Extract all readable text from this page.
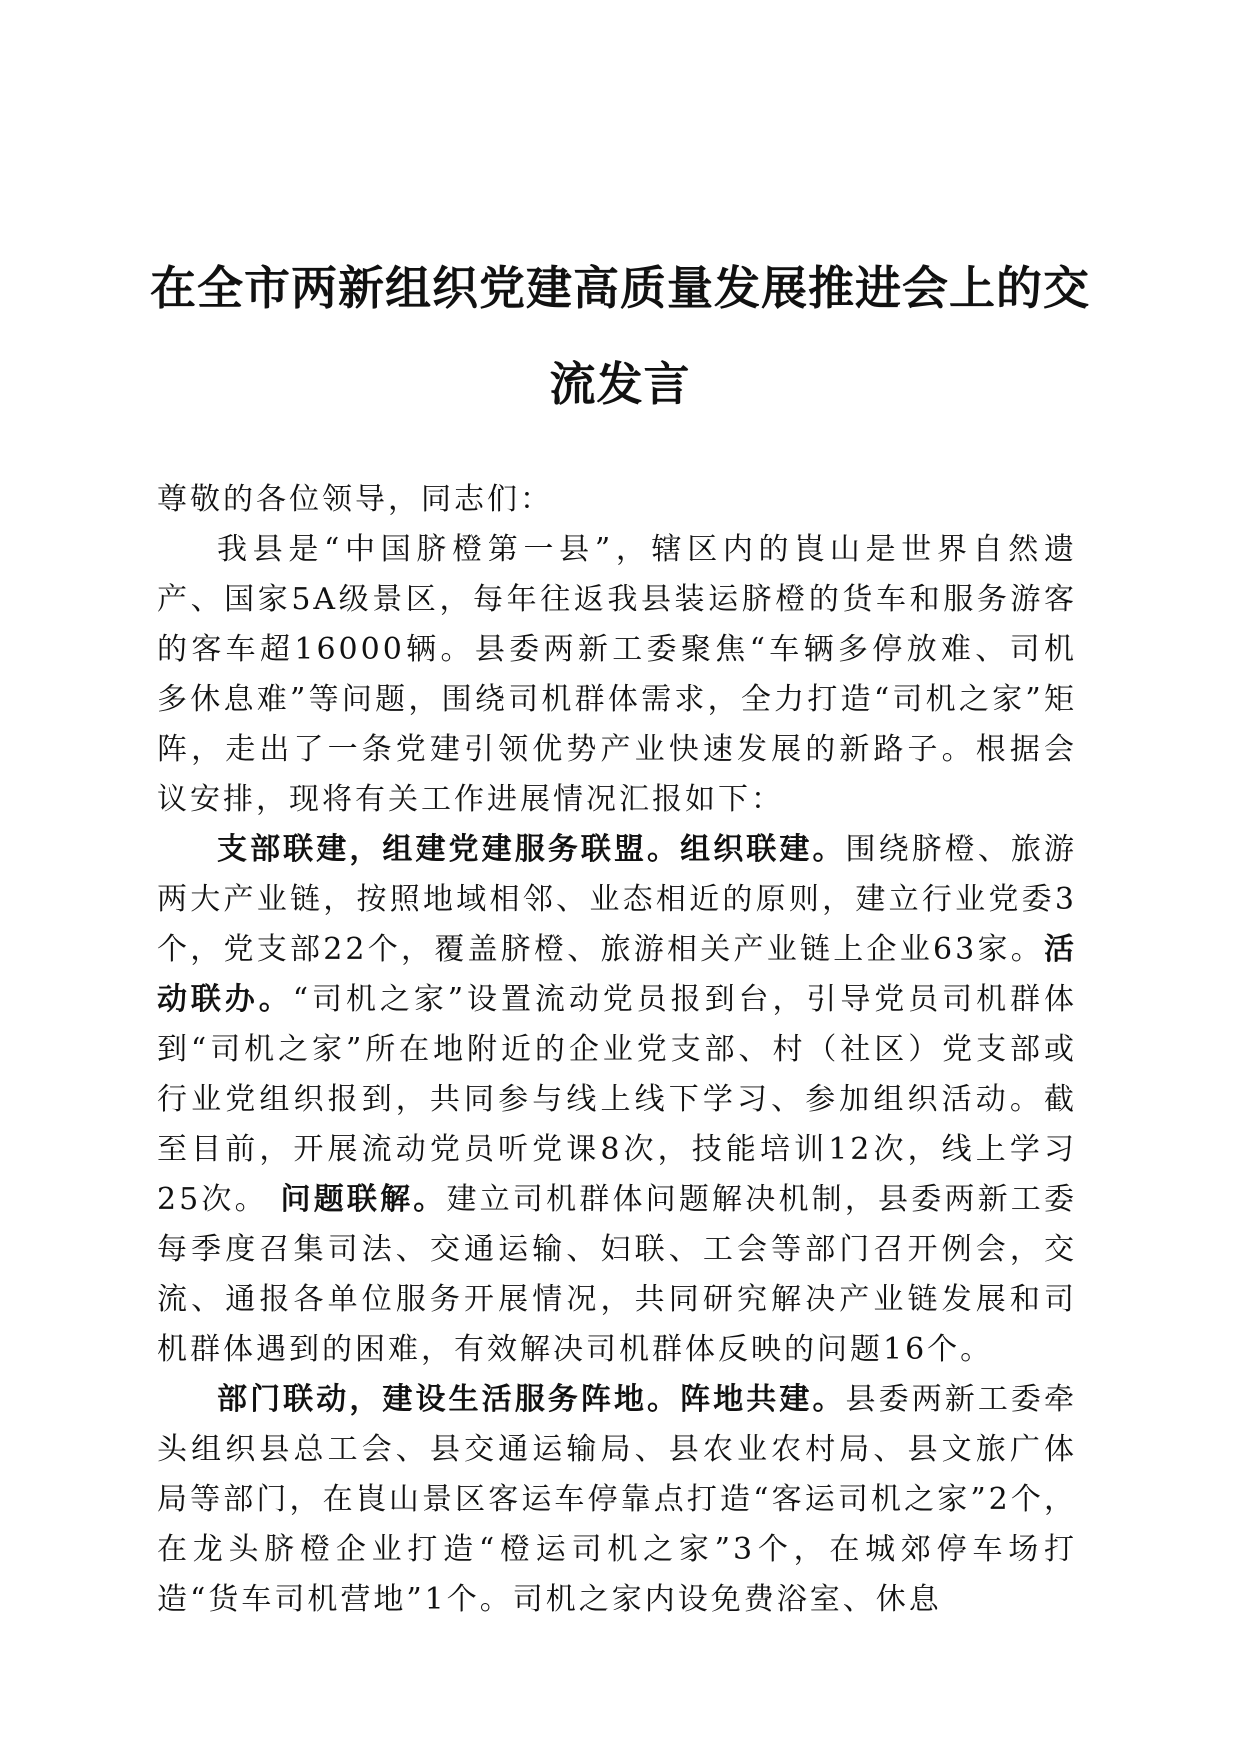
在全市两新组织党建高质量发展推进会上的交流发言

尊敬的各位领导，同志们：

我县是“中国脐橙第一县”，辖区内的崀山是世界自然遗产、国家5A级景区，每年往返我县装运脐橙的货车和服务游客的客车超16000辆。县委两新工委聚焦“车辆多停放难、司机多休息难”等问题，围绕司机群体需求，全力打造“司机之家”矩阵，走出了一条党建引领优势产业快速发展的新路子。根据会议安排，现将有关工作进展情况汇报如下：

支部联建，组建党建服务联盟。组织联建。围绕脐橙、旅游两大产业链，按照地域相邻、业态相近的原则，建立行业党委3个，党支部22个，覆盖脐橙、旅游相关产业链上企业63家。活动联办。“司机之家”设置流动党员报到台，引导党员司机群体到“司机之家”所在地附近的企业党支部、村（社区）党支部或行业党组织报到，共同参与线上线下学习、参加组织活动。截至目前，开展流动党员听党课8次，技能培训12次，线上学习25次。 问题联解。建立司机群体问题解决机制，县委两新工委每季度召集司法、交通运输、妇联、工会等部门召开例会，交流、通报各单位服务开展情况，共同研究解决产业链发展和司机群体遇到的困难，有效解决司机群体反映的问题16个。

部门联动，建设生活服务阵地。阵地共建。县委两新工委牵头组织县总工会、县交通运输局、县农业农村局、县文旅广体局等部门，在崀山景区客运车停靠点打造“客运司机之家”2个，在龙头脐橙企业打造“橙运司机之家”3个，在城郊停车场打造“货车司机营地”1个。司机之家内设免费浴室、休息
